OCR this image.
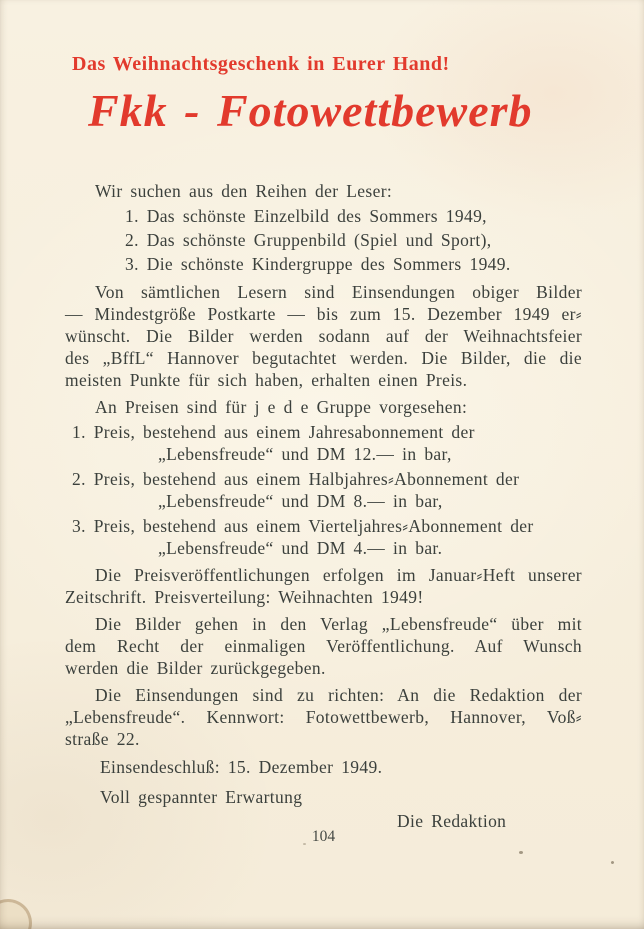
Das Weihnachtsgeschenk in Eurer Hand!
Fkk - Fotowettbewerb
Wir suchen aus den Reihen der Leser:
1. Das schönste Einzelbild des Sommers 1949,
2. Das schönste Gruppenbild (Spiel und Sport),
3. Die schönste Kindergruppe des Sommers 1949.
Von sämtlichen Lesern sind Einsendungen obiger Bilder
— Mindestgröße Postkarte — bis zum 15. Dezember 1949 er⸗
wünscht. Die Bilder werden sodann auf der Weihnachtsfeier
des „BffL“ Hannover begutachtet werden. Die Bilder, die die
meisten Punkte für sich haben, erhalten einen Preis.
An Preisen sind für j e d e Gruppe vorgesehen:
1. Preis, bestehend aus einem Jahresabonnement der
„Lebensfreude“ und DM 12.— in bar,
2. Preis, bestehend aus einem Halbjahres⸗Abonnement der
„Lebensfreude“ und DM 8.— in bar,
3. Preis, bestehend aus einem Vierteljahres⸗Abonnement der
„Lebensfreude“ und DM 4.— in bar.
Die Preisveröffentlichungen erfolgen im Januar⸗Heft unserer
Zeitschrift. Preisverteilung: Weihnachten 1949!
Die Bilder gehen in den Verlag „Lebensfreude“ über mit
dem Recht der einmaligen Veröffentlichung. Auf Wunsch
werden die Bilder zurückgegeben.
Die Einsendungen sind zu richten: An die Redaktion der
„Lebensfreude“. Kennwort: Fotowettbewerb, Hannover, Voß⸗
straße 22.
Einsendeschluß: 15. Dezember 1949.
Voll gespannter Erwartung
Die Redaktion
104
